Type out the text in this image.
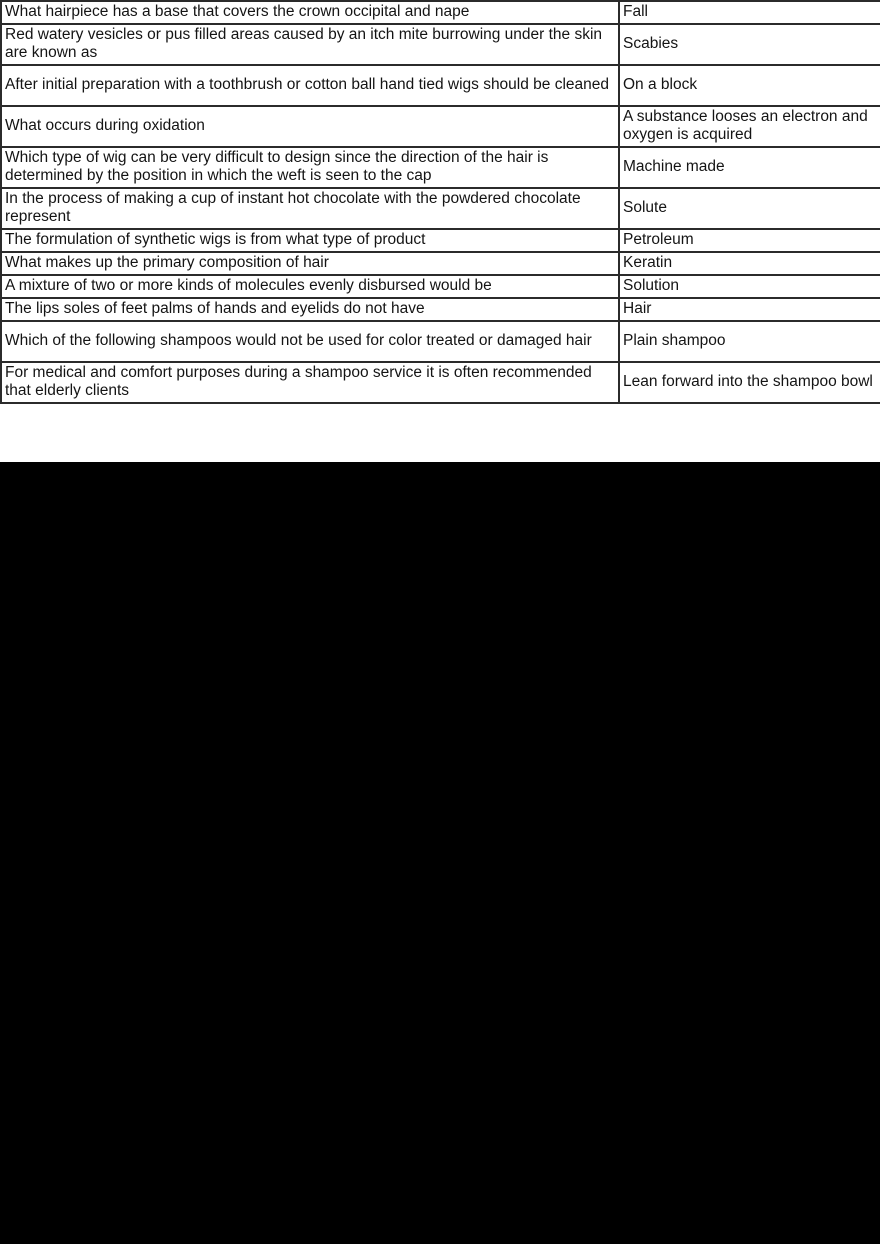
What hairpiece has a base that covers the crown occipital and nape	Fall
Red watery vesicles or pus filled areas caused by an itch mite burrowing under the skin are known as	Scabies
After initial preparation with a toothbrush or cotton ball hand tied wigs should be cleaned	On a block
What occurs during oxidation	A substance looses an electron and oxygen is acquired
Which type of wig can be very difficult to design since the direction of the hair is determined by the position in which the weft is seen to the cap	Machine made
In the process of making a cup of instant hot chocolate with the powdered chocolate represent	Solute
The formulation of synthetic wigs is from what type of product	Petroleum
What makes up the primary composition of hair	Keratin
A mixture of two or more kinds of molecules evenly disbursed would be	Solution
The lips soles of feet palms of hands and eyelids do not have	Hair
Which of the following shampoos would not be used for color treated or damaged hair	Plain shampoo
For medical and comfort purposes during a shampoo service it is often recommended that elderly clients	Lean forward into the shampoo bowl
